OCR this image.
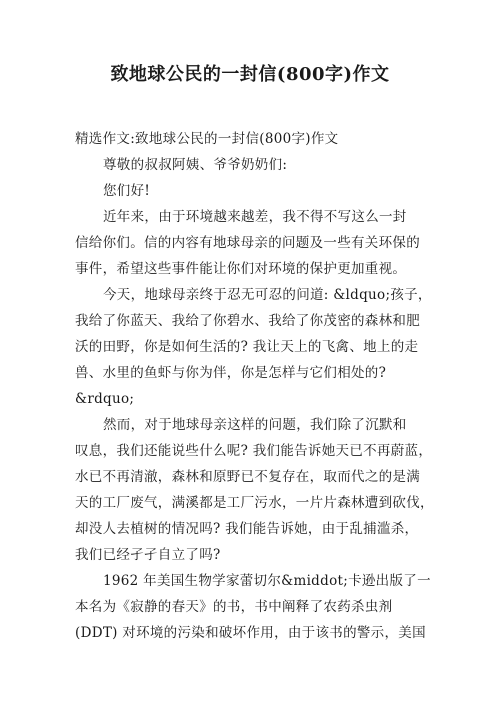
致地球公民的一封信(800字)作文
精选作文:致地球公民的一封信(800字)作文
尊敬的叔叔阿姨、爷爷奶奶们:
您们好!
近年来，由于环境越来越差，我不得不写这么一封
信给你们。信的内容有地球母亲的问题及一些有关环保的
事件，希望这些事件能让你们对环境的保护更加重视。
今天，地球母亲终于忍无可忍的问道: &ldquo;孩子，
我给了你蓝天、我给了你碧水、我给了你茂密的森林和肥
沃的田野，你是如何生活的? 我让天上的飞禽、地上的走
兽、水里的鱼虾与你为伴，你是怎样与它们相处的?
&rdquo;
然而，对于地球母亲这样的问题，我们除了沉默和
叹息，我们还能说些什么呢? 我们能告诉她天已不再蔚蓝，
水已不再清澈，森林和原野已不复存在，取而代之的是满
天的工厂废气，满溪都是工厂污水，一片片森林遭到砍伐，
却没人去植树的情况吗? 我们能告诉她，由于乱捕滥杀，
我们已经孑孑自立了吗?
1962 年美国生物学家蕾切尔&middot;卡逊出版了一
本名为《寂静的春天》的书，书中阐释了农药杀虫剂
(DDT) 对环境的污染和破坏作用，由于该书的警示，美国
